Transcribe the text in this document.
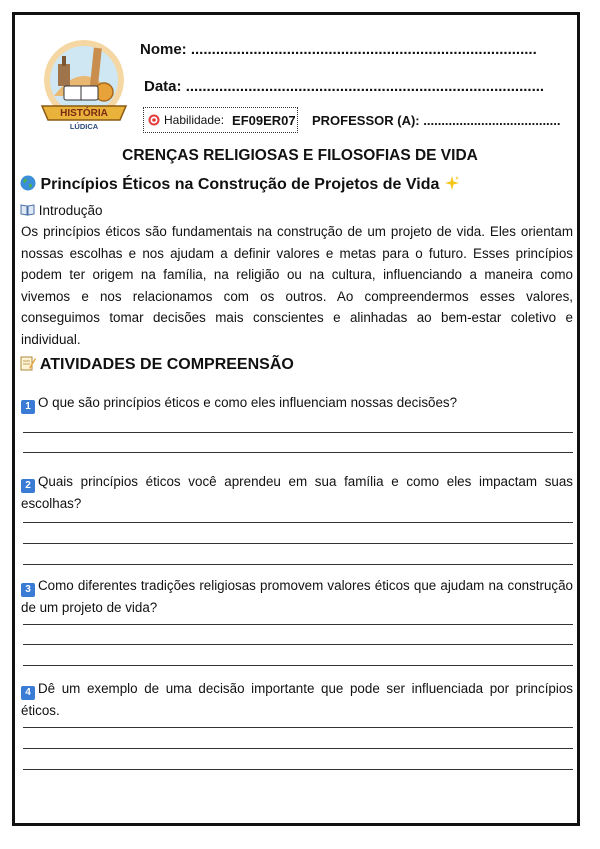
HISTÓRIA
LÚDICA
Nome: ...................................................................................
Data: ......................................................................................
Habilidade: EF09ER07 PROFESSOR (A): ......................................
CRENÇAS RELIGIOSAS E FILOSOFIAS DE VIDA
Princípios Éticos na Construção de Projetos de Vida
Introdução
Os princípios éticos são fundamentais na construção de um projeto de vida. Eles orientam nossas escolhas e nos ajudam a definir valores e metas para o futuro. Esses princípios podem ter origem na família, na religião ou na cultura, influenciando a maneira como vivemos e nos relacionamos com os outros. Ao compreendermos esses valores, conseguimos tomar decisões mais conscientes e alinhadas ao bem-estar coletivo e individual.
ATIVIDADES DE COMPREENSÃO
1 O que são princípios éticos e como eles influenciam nossas decisões?
2 Quais princípios éticos você aprendeu em sua família e como eles impactam suas escolhas?
3 Como diferentes tradições religiosas promovem valores éticos que ajudam na construção de um projeto de vida?
4 Dê um exemplo de uma decisão importante que pode ser influenciada por princípios éticos.
